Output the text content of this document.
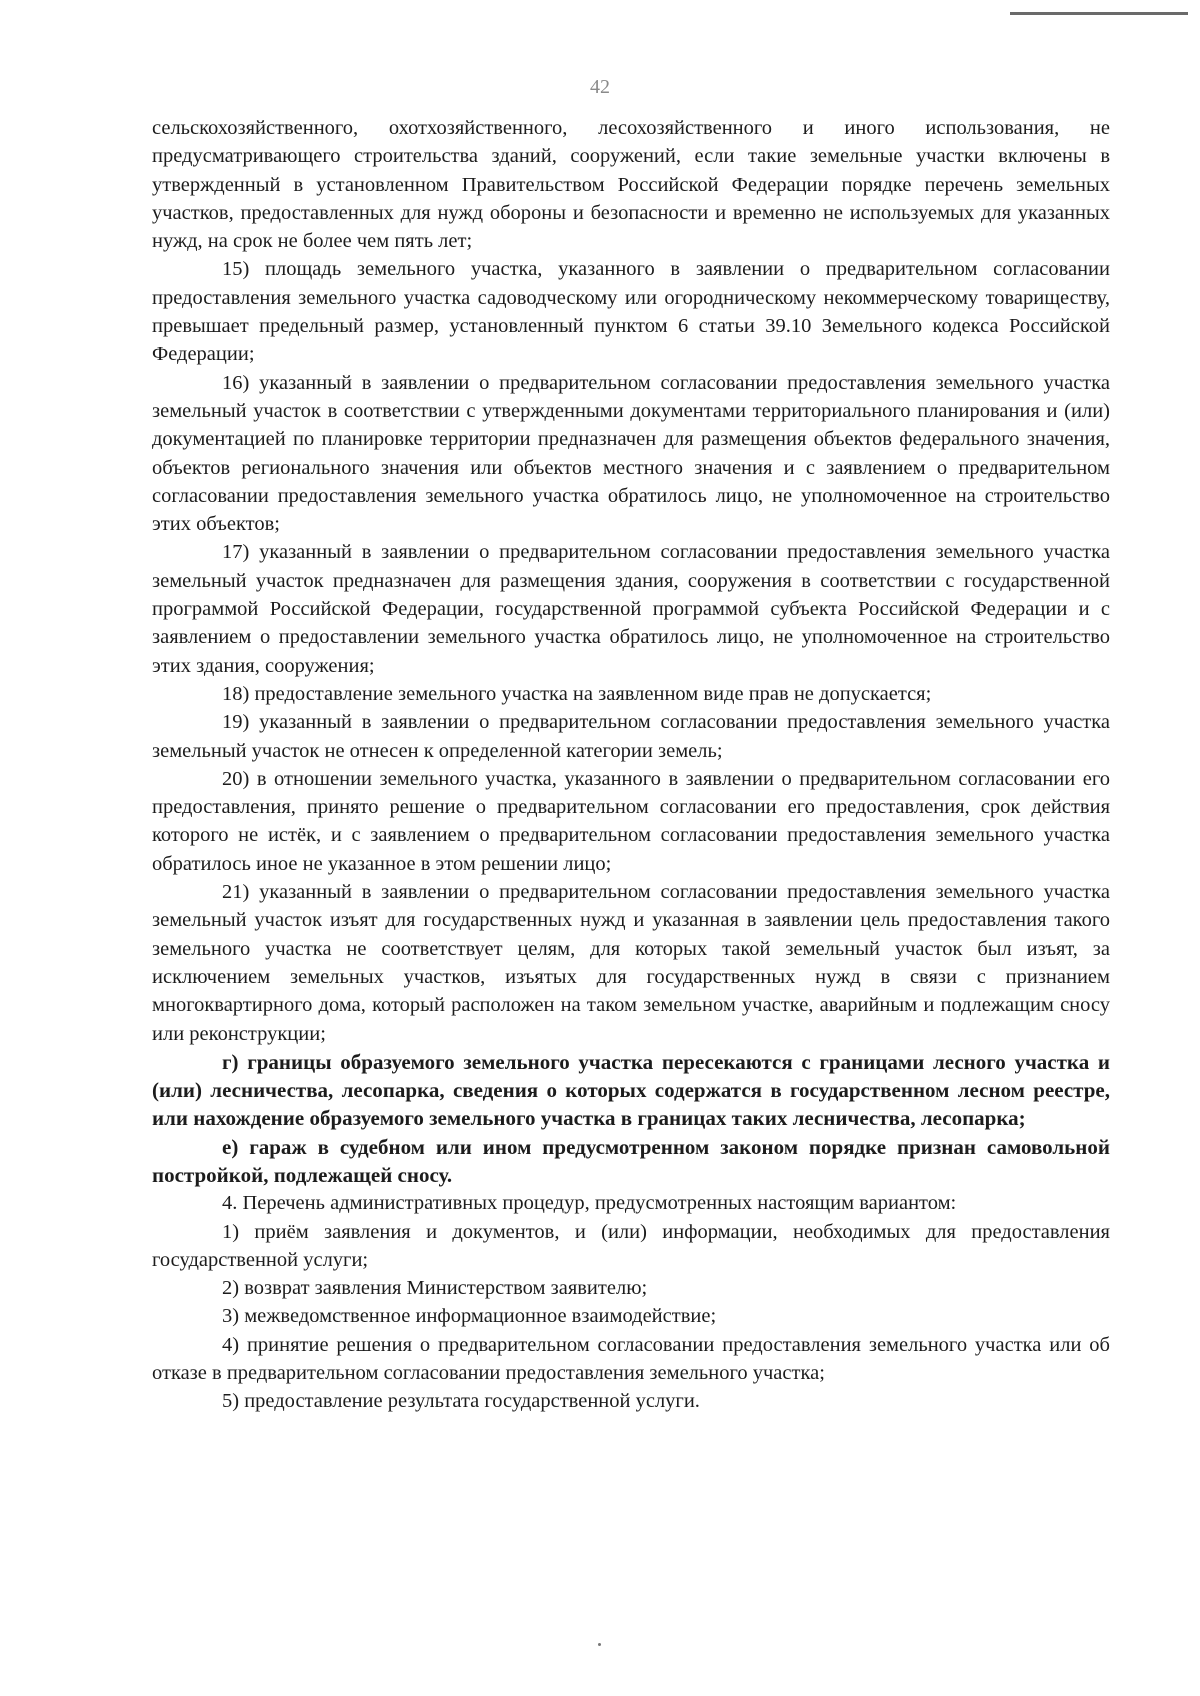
42

сельскохозяйственного, охотхозяйственного, лесохозяйственного и иного использования, не предусматривающего строительства зданий, сооружений, если такие земельные участки включены в утвержденный в установленном Правительством Российской Федерации порядке перечень земельных участков, предоставленных для нужд обороны и безопасности и временно не используемых для указанных нужд, на срок не более чем пять лет;

15) площадь земельного участка, указанного в заявлении о предварительном согласовании предоставления земельного участка садоводческому или огородническому некоммерческому товариществу, превышает предельный размер, установленный пунктом 6 статьи 39.10 Земельного кодекса Российской Федерации;

16) указанный в заявлении о предварительном согласовании предоставления земельного участка земельный участок в соответствии с утвержденными документами территориального планирования и (или) документацией по планировке территории предназначен для размещения объектов федерального значения, объектов регионального значения или объектов местного значения и с заявлением о предварительном согласовании предоставления земельного участка обратилось лицо, не уполномоченное на строительство этих объектов;

17) указанный в заявлении о предварительном согласовании предоставления земельного участка земельный участок предназначен для размещения здания, сооружения в соответствии с государственной программой Российской Федерации, государственной программой субъекта Российской Федерации и с заявлением о предоставлении земельного участка обратилось лицо, не уполномоченное на строительство этих здания, сооружения;

18) предоставление земельного участка на заявленном виде прав не допускается;

19) указанный в заявлении о предварительном согласовании предоставления земельного участка земельный участок не отнесен к определенной категории земель;

20) в отношении земельного участка, указанного в заявлении о предварительном согласовании его предоставления, принято решение о предварительном согласовании его предоставления, срок действия которого не истёк, и с заявлением о предварительном согласовании предоставления земельного участка обратилось иное не указанное в этом решении лицо;

21) указанный в заявлении о предварительном согласовании предоставления земельного участка земельный участок изъят для государственных нужд и указанная в заявлении цель предоставления такого земельного участка не соответствует целям, для которых такой земельный участок был изъят, за исключением земельных участков, изъятых для государственных нужд в связи с признанием многоквартирного дома, который расположен на таком земельном участке, аварийным и подлежащим сносу или реконструкции;

г) границы образуемого земельного участка пересекаются с границами лесного участка и (или) лесничества, лесопарка, сведения о которых содержатся в государственном лесном реестре, или нахождение образуемого земельного участка в границах таких лесничества, лесопарка;

е) гараж в судебном или ином предусмотренном законом порядке признан самовольной постройкой, подлежащей сносу.

4. Перечень административных процедур, предусмотренных настоящим вариантом:

1) приём заявления и документов, и (или) информации, необходимых для предоставления государственной услуги;

2) возврат заявления Министерством заявителю;

3) межведомственное информационное взаимодействие;

4) принятие решения о предварительном согласовании предоставления земельного участка или об отказе в предварительном согласовании предоставления земельного участка;

5) предоставление результата государственной услуги.
